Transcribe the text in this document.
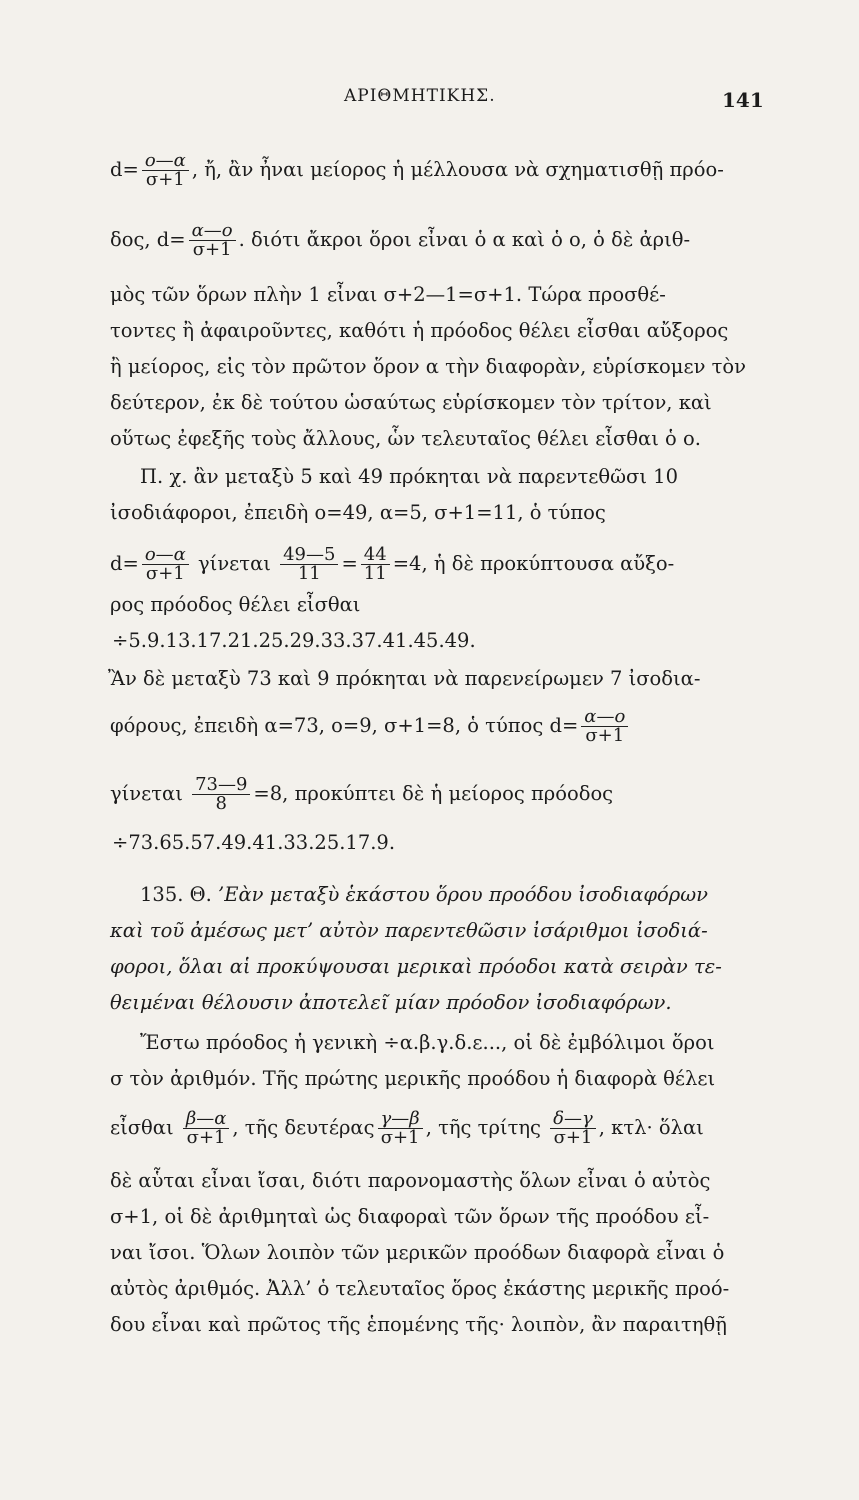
ΑΡΙΘΜΗΤΙΚΗΣ.	141
$d= \frac{o—\alpha}{\sigma+1}$ , ἤ, ἂν ἦναι μείορος ἡ μέλλουσα νὰ σχηματισθῇ πρόο-
δος, $d= \frac{\alpha—o}{\sigma+1}$ . διότι ἄκροι ὅροι εἶναι ὁ α καὶ ὁ ο, ὁ δὲ ἀριθ-
μὸς τῶν ὅρων πλὴν 1 εἶναι σ+2—1=σ+1. Τώρα προσθέ-
τοντες ἢ ἀφαιροῦντες, καθότι ἡ πρόοδος θέλει εἶσθαι αὔξορος
ἢ μείορος, εἰς τὸν πρῶτον ὅρον α τὴν διαφορὰν, εὑρίσκομεν τὸν
δεύτερον, ἐκ δὲ τούτου ὡσαύτως εὑρίσκομεν τὸν τρίτον, καὶ
οὕτως ἐφεξῆς τοὺς ἄλλους, ὧν τελευταῖος θέλει εἶσθαι ὁ ο.
Π. χ. ἂν μεταξὺ 5 καὶ 49 πρόκηται νὰ παρεντεθῶσι 10
ἰσοδιάφοροι, ἐπειδὴ ο=49, α=5, σ+1=11, ὁ τύπος
$d= \frac{o—\alpha}{\sigma+1}$ γίνεται $\frac{49—5}{11} = \frac{44}{11} =4$, ἡ δὲ προκύπτουσα αὔξο-
ρος πρόοδος θέλει εἶσθαι
÷5.9.13.17.21.25.29.33.37.41.45.49.
Ἂν δὲ μεταξὺ 73 καὶ 9 πρόκηται νὰ παρενείρωμεν 7 ἰσοδια-
φόρους, ἐπειδὴ α=73, ο=9, σ+1=8, ὁ τύπος $d= \frac{\alpha—o}{\sigma+1}$
γίνεται $\frac{73—9}{8} =8$, προκύπτει δὲ ἡ μείορος πρόοδος
÷73.65.57.49.41.33.25.17.9.
135. Θ. ’Εὰν μεταξὺ ἑκάστου ὅρου προόδου ἰσοδιαφόρων
καὶ τοῦ ἀμέσως μετ’ αὐτὸν παρεντεθῶσιν ἰσάριθμοι ἰσοδιά-
φοροι, ὅλαι αἱ προκύψουσαι μερικαὶ πρόοδοι κατὰ σειρὰν τε-
θειμέναι θέλουσιν ἀποτελεῖ μίαν πρόοδον ἰσοδιαφόρων.
Ἔστω πρόοδος ἡ γενικὴ ÷α.β.γ.δ.ε..., οἱ δὲ ἐμβόλιμοι ὅροι
σ τὸν ἀριθμόν. Τῆς πρώτης μερικῆς προόδου ἡ διαφορὰ θέλει
εἶσθαι $\frac{\beta—\alpha}{\sigma+1}$ , τῆς δευτέρας $\frac{\gamma—\beta}{\sigma+1}$ , τῆς τρίτης $\frac{\delta—\gamma}{\sigma+1}$ , κτλ· ὅλαι
δὲ αὗται εἶναι ἴσαι, διότι παρονομαστὴς ὅλων εἶναι ὁ αὐτὸς
σ+1, οἱ δὲ ἀριθμηταὶ ὡς διαφοραὶ τῶν ὅρων τῆς προόδου εἶ-
ναι ἴσοι. Ὅλων λοιπὸν τῶν μερικῶν προόδων διαφορὰ εἶναι ὁ
αὐτὸς ἀριθμός. Ἀλλ’ ὁ τελευταῖος ὅρος ἑκάστης μερικῆς προό-
δου εἶναι καὶ πρῶτος τῆς ἑπομένης τῆς· λοιπὸν, ἂν παραιτηθῇ
